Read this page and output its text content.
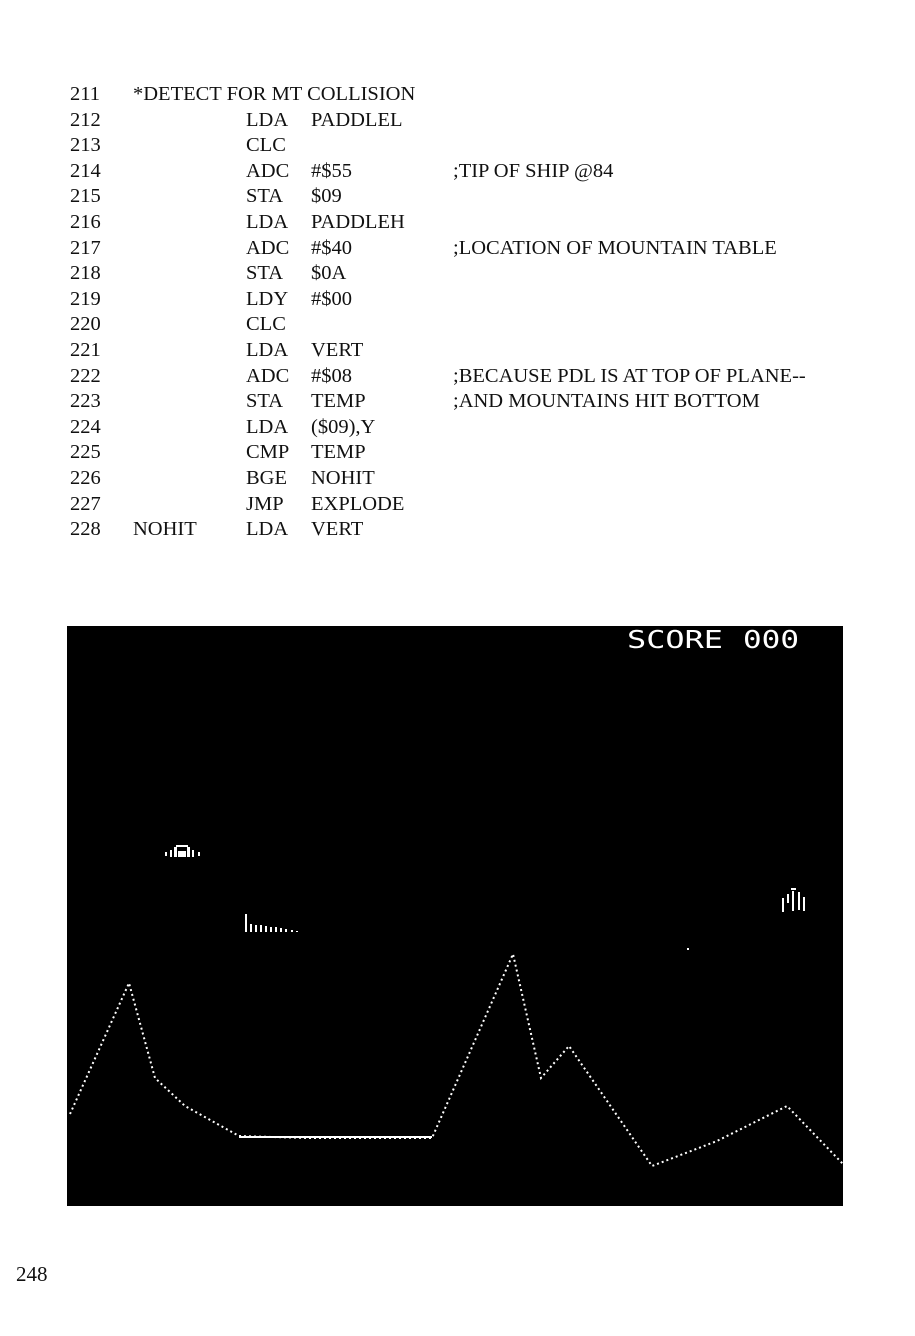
211 *DETECT FOR MT COLLISION
212	LDA PADDLEL
213	CLC
214	ADC #$55	;TIP OF SHIP @84
215	STA $09
216	LDA PADDLEH
217	ADC #$40	;LOCATION OF MOUNTAIN TABLE
218	STA $0A
219	LDY #$00
220	CLC
221	LDA VERT
222	ADC #$08	;BECAUSE PDL IS AT TOP OF PLANE--
223	STA TEMP	;AND MOUNTAINS HIT BOTTOM
224	LDA ($09),Y
225	CMP TEMP
226	BGE NOHIT
227	JMP EXPLODE
228 NOHIT LDA VERT
SCORE 000
248
